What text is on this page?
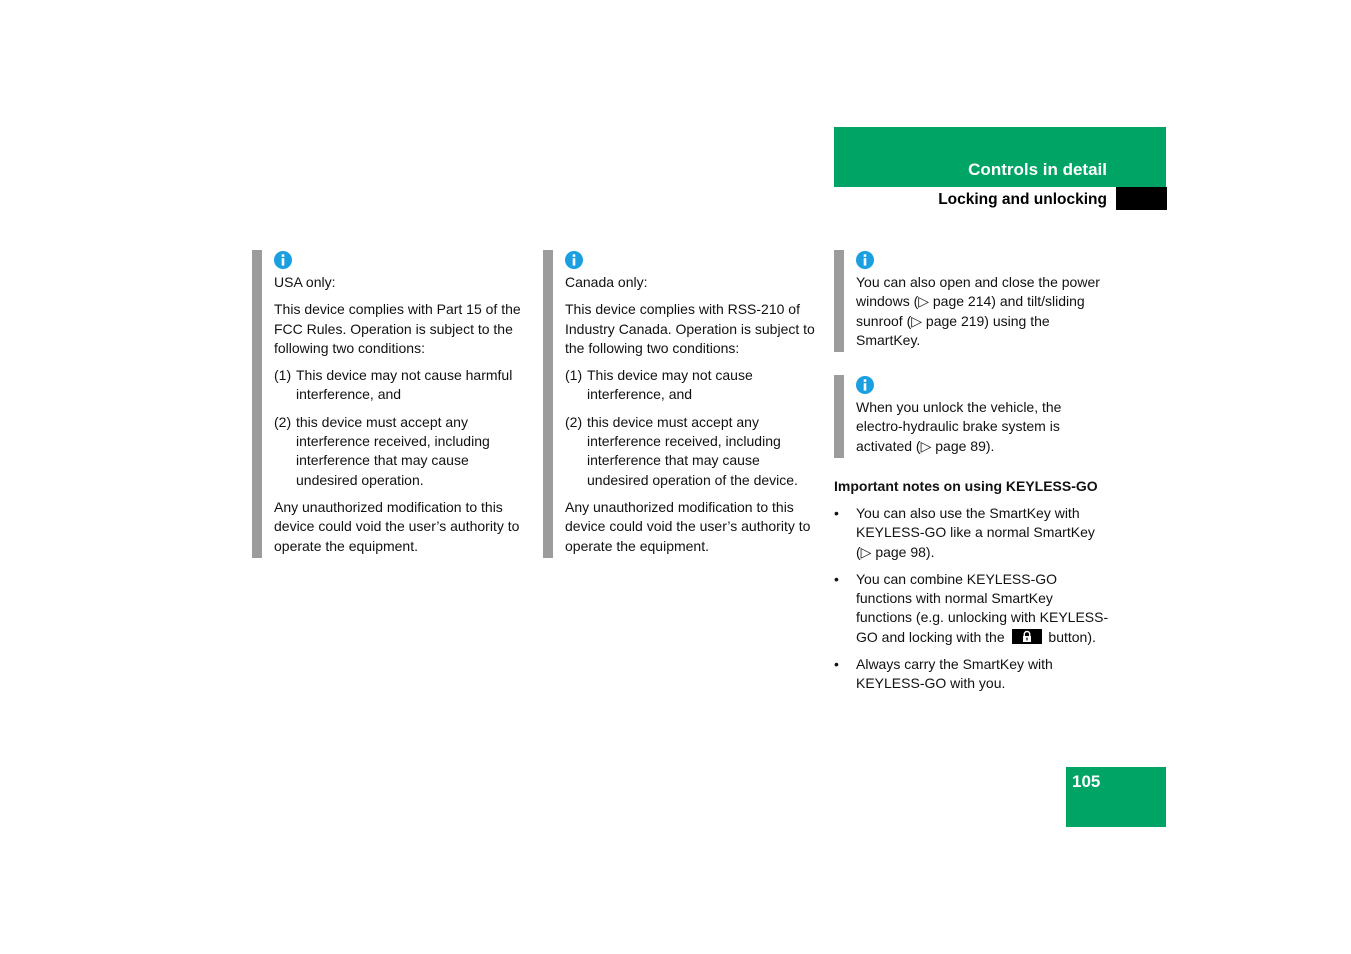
Controls in detail
Locking and unlocking

USA only:

This device complies with Part 15 of the FCC Rules. Operation is subject to the following two conditions:

(1) This device may not cause harmful interference, and
(2) this device must accept any interference received, including interference that may cause undesired operation.

Any unauthorized modification to this device could void the user’s authority to operate the equipment.

Canada only:

This device complies with RSS-210 of Industry Canada. Operation is subject to the following two conditions:

(1) This device may not cause interference, and
(2) this device must accept any interference received, including interference that may cause undesired operation of the device.

Any unauthorized modification to this device could void the user’s authority to operate the equipment.

You can also open and close the power windows (▷ page 214) and tilt/sliding sunroof (▷ page 219) using the SmartKey.

When you unlock the vehicle, the electro-hydraulic brake system is activated (▷ page 89).

Important notes on using KEYLESS-GO
•	You can also use the SmartKey with KEYLESS-GO like a normal SmartKey (▷ page 98).
•	You can combine KEYLESS-GO functions with normal SmartKey functions (e.g. unlocking with KEYLESS-GO and locking with the	button).
•	Always carry the SmartKey with KEYLESS-GO with you.
105
